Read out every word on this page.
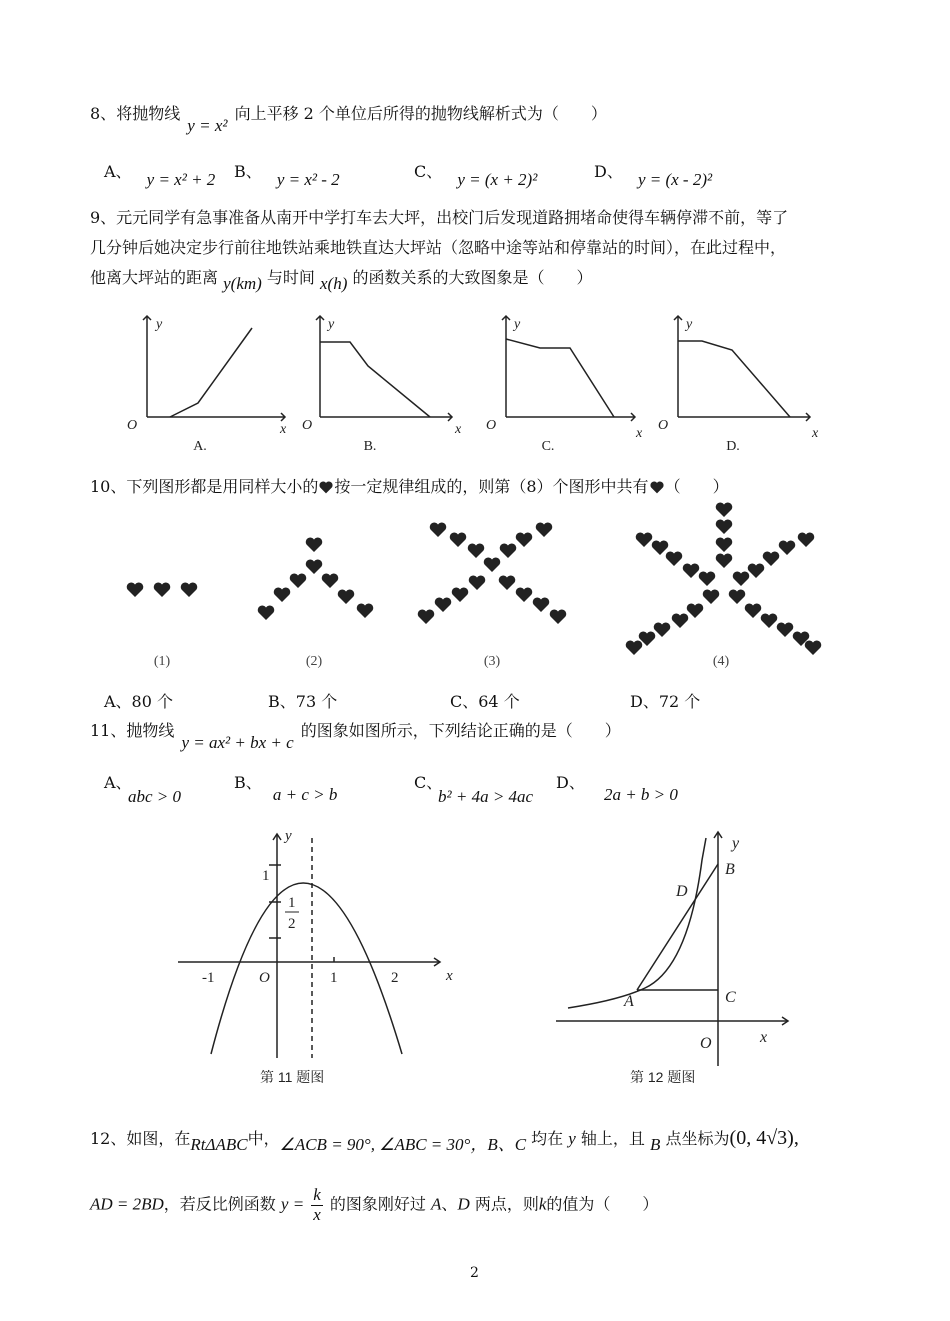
8、将抛物线 y = x² 向上平移 2 个单位后所得的抛物线解析式为（　　）
A、 y = x² + 2 B、 y = x² - 2	C、 y = (x + 2)²	D、 y = (x - 2)²
9、元元同学有急事准备从南开中学打车去大坪，出校门后发现道路拥堵命使得车辆停滞不前，等了
几分钟后她决定步行前往地铁站乘地铁直达大坪站（忽略中途等站和停靠站的时间），在此过程中，
他离大坪站的距离 y(km) 与时间 x(h) 的函数关系的大致图象是（　　）
y
O	x
y
O	x
y
O
x
y
O
x
A.	B.	C.	D.
10、下列图形都是用同样大小的 按一定规律组成的，则第（8）个图形中共有 （　　）
(1)	(2)	(3)	(4)
A、80 个	B、73 个	C、64 个	D、72 个
11、抛物线 y = ax² + bx + c 的图象如图所示，下列结论正确的是（　　）
A、
abc > 0
B、 a + c > b
C、
b² + 4a > 4ac
D、 2a + b > 0
y
x
O
-1	1	2
1
1
2
第 11 题图
y
x
O
A
B
C
D
第 12 题图
12、如图，在RtΔABC中，∠ACB = 90°, ∠ABC = 30°，B、C 均在 y 轴上，且 B 点坐标为(0, 4√3),
AD = 2BD，若反比例函数 $y = \frac{k}{x}$ 的图象刚好过 A、D 两点，则k的值为（　　）
2
